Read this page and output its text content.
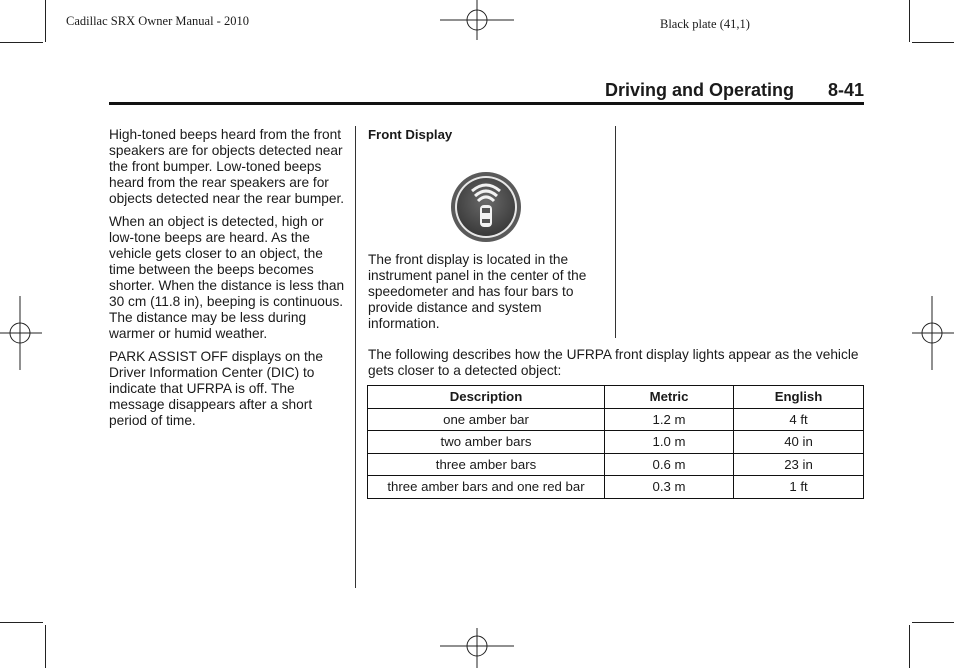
Cadillac SRX Owner Manual - 2010	Black plate (41,1)
Driving and Operating 8-41

High-toned beeps heard from the front speakers are for objects detected near the front bumper. Low-toned beeps heard from the rear speakers are for objects detected near the rear bumper.

When an object is detected, high or low-tone beeps are heard. As the vehicle gets closer to an object, the time between the beeps becomes shorter. When the distance is less than 30 cm (11.8 in), beeping is continuous. The distance may be less during warmer or humid weather.

PARK ASSIST OFF displays on the Driver Information Center (DIC) to indicate that UFRPA is off. The message disappears after a short period of time.

Front Display

The front display is located in the instrument panel in the center of the speedometer and has four bars to provide distance and system information.

The following describes how the UFRPA front display lights appear as the vehicle gets closer to a detected object:
Description	Metric	English
one amber bar	1.2 m	4 ft
two amber bars	1.0 m	40 in
three amber bars	0.6 m	23 in
three amber bars and one red bar	0.3 m	1 ft
